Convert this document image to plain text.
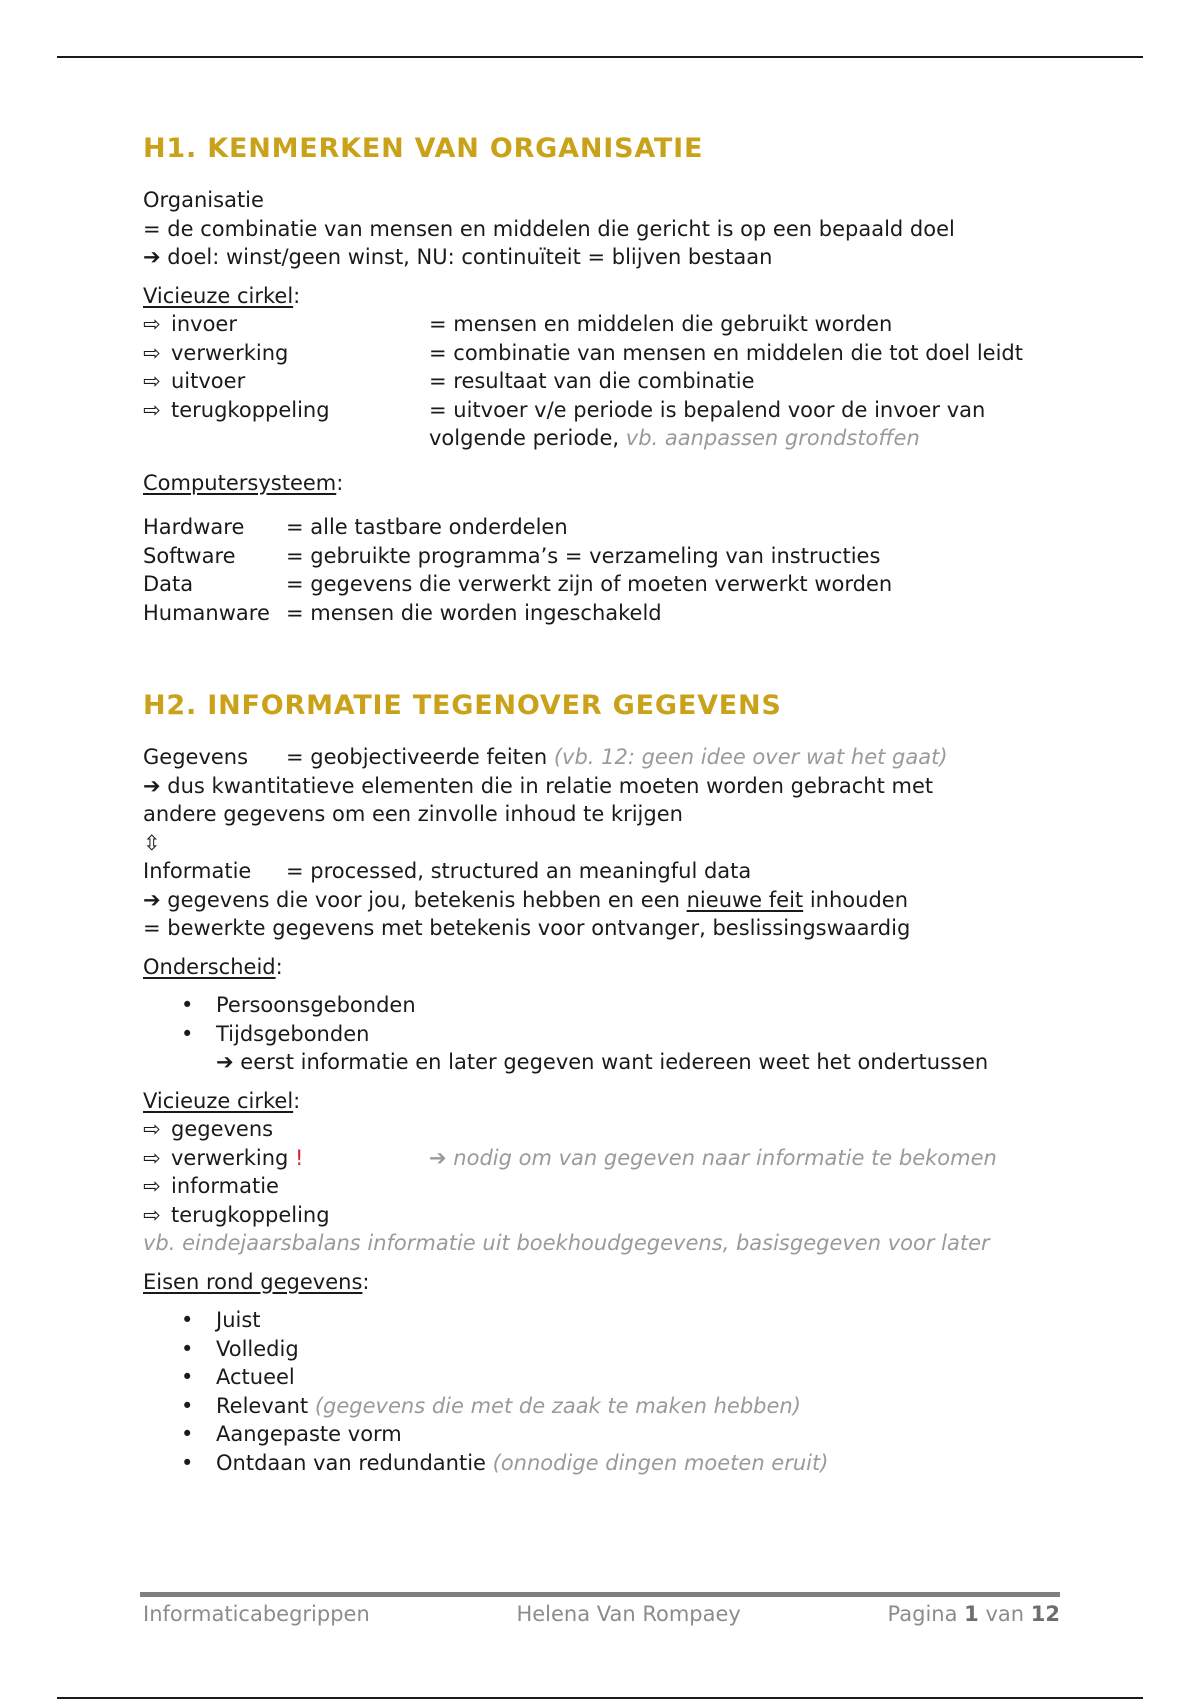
H1. KENMERKEN VAN ORGANISATIE
Organisatie
= de combinatie van mensen en middelen die gericht is op een bepaald doel
➔ doel: winst/geen winst, NU: continuïteit = blijven bestaan
Vicieuze cirkel:
⇨ invoer	= mensen en middelen die gebruikt worden
⇨ verwerking	= combinatie van mensen en middelen die tot doel leidt
⇨ uitvoer	= resultaat van die combinatie
⇨ terugkoppeling	= uitvoer v/e periode is bepalend voor de invoer van volgende periode, vb. aanpassen grondstoffen
Computersysteem:
Hardware	= alle tastbare onderdelen
Software	= gebruikte programma’s = verzameling van instructies
Data	= gegevens die verwerkt zijn of moeten verwerkt worden
Humanware = mensen die worden ingeschakeld
H2. INFORMATIE TEGENOVER GEGEVENS
Gegevens	= geobjectiveerde feiten (vb. 12: geen idee over wat het gaat)
➔ dus kwantitatieve elementen die in relatie moeten worden gebracht met
andere gegevens om een zinvolle inhoud te krijgen
⇳
Informatie	= processed, structured an meaningful data
➔ gegevens die voor jou, betekenis hebben en een nieuwe feit inhouden
= bewerkte gegevens met betekenis voor ontvanger, beslissingswaardig
Onderscheid:
• Persoonsgebonden
• Tijdsgebonden
➔ eerst informatie en later gegeven want iedereen weet het ondertussen
Vicieuze cirkel:
⇨ gegevens
⇨ verwerking !	➔ nodig om van gegeven naar informatie te bekomen
⇨ informatie
⇨ terugkoppeling
vb. eindejaarsbalans informatie uit boekhoudgegevens, basisgegeven voor later
Eisen rond gegevens:
• Juist
• Volledig
• Actueel
• Relevant (gegevens die met de zaak te maken hebben)
• Aangepaste vorm
• Ontdaan van redundantie (onnodige dingen moeten eruit)
Informaticabegrippen	Helena Van Rompaey	Pagina 1 van 12
